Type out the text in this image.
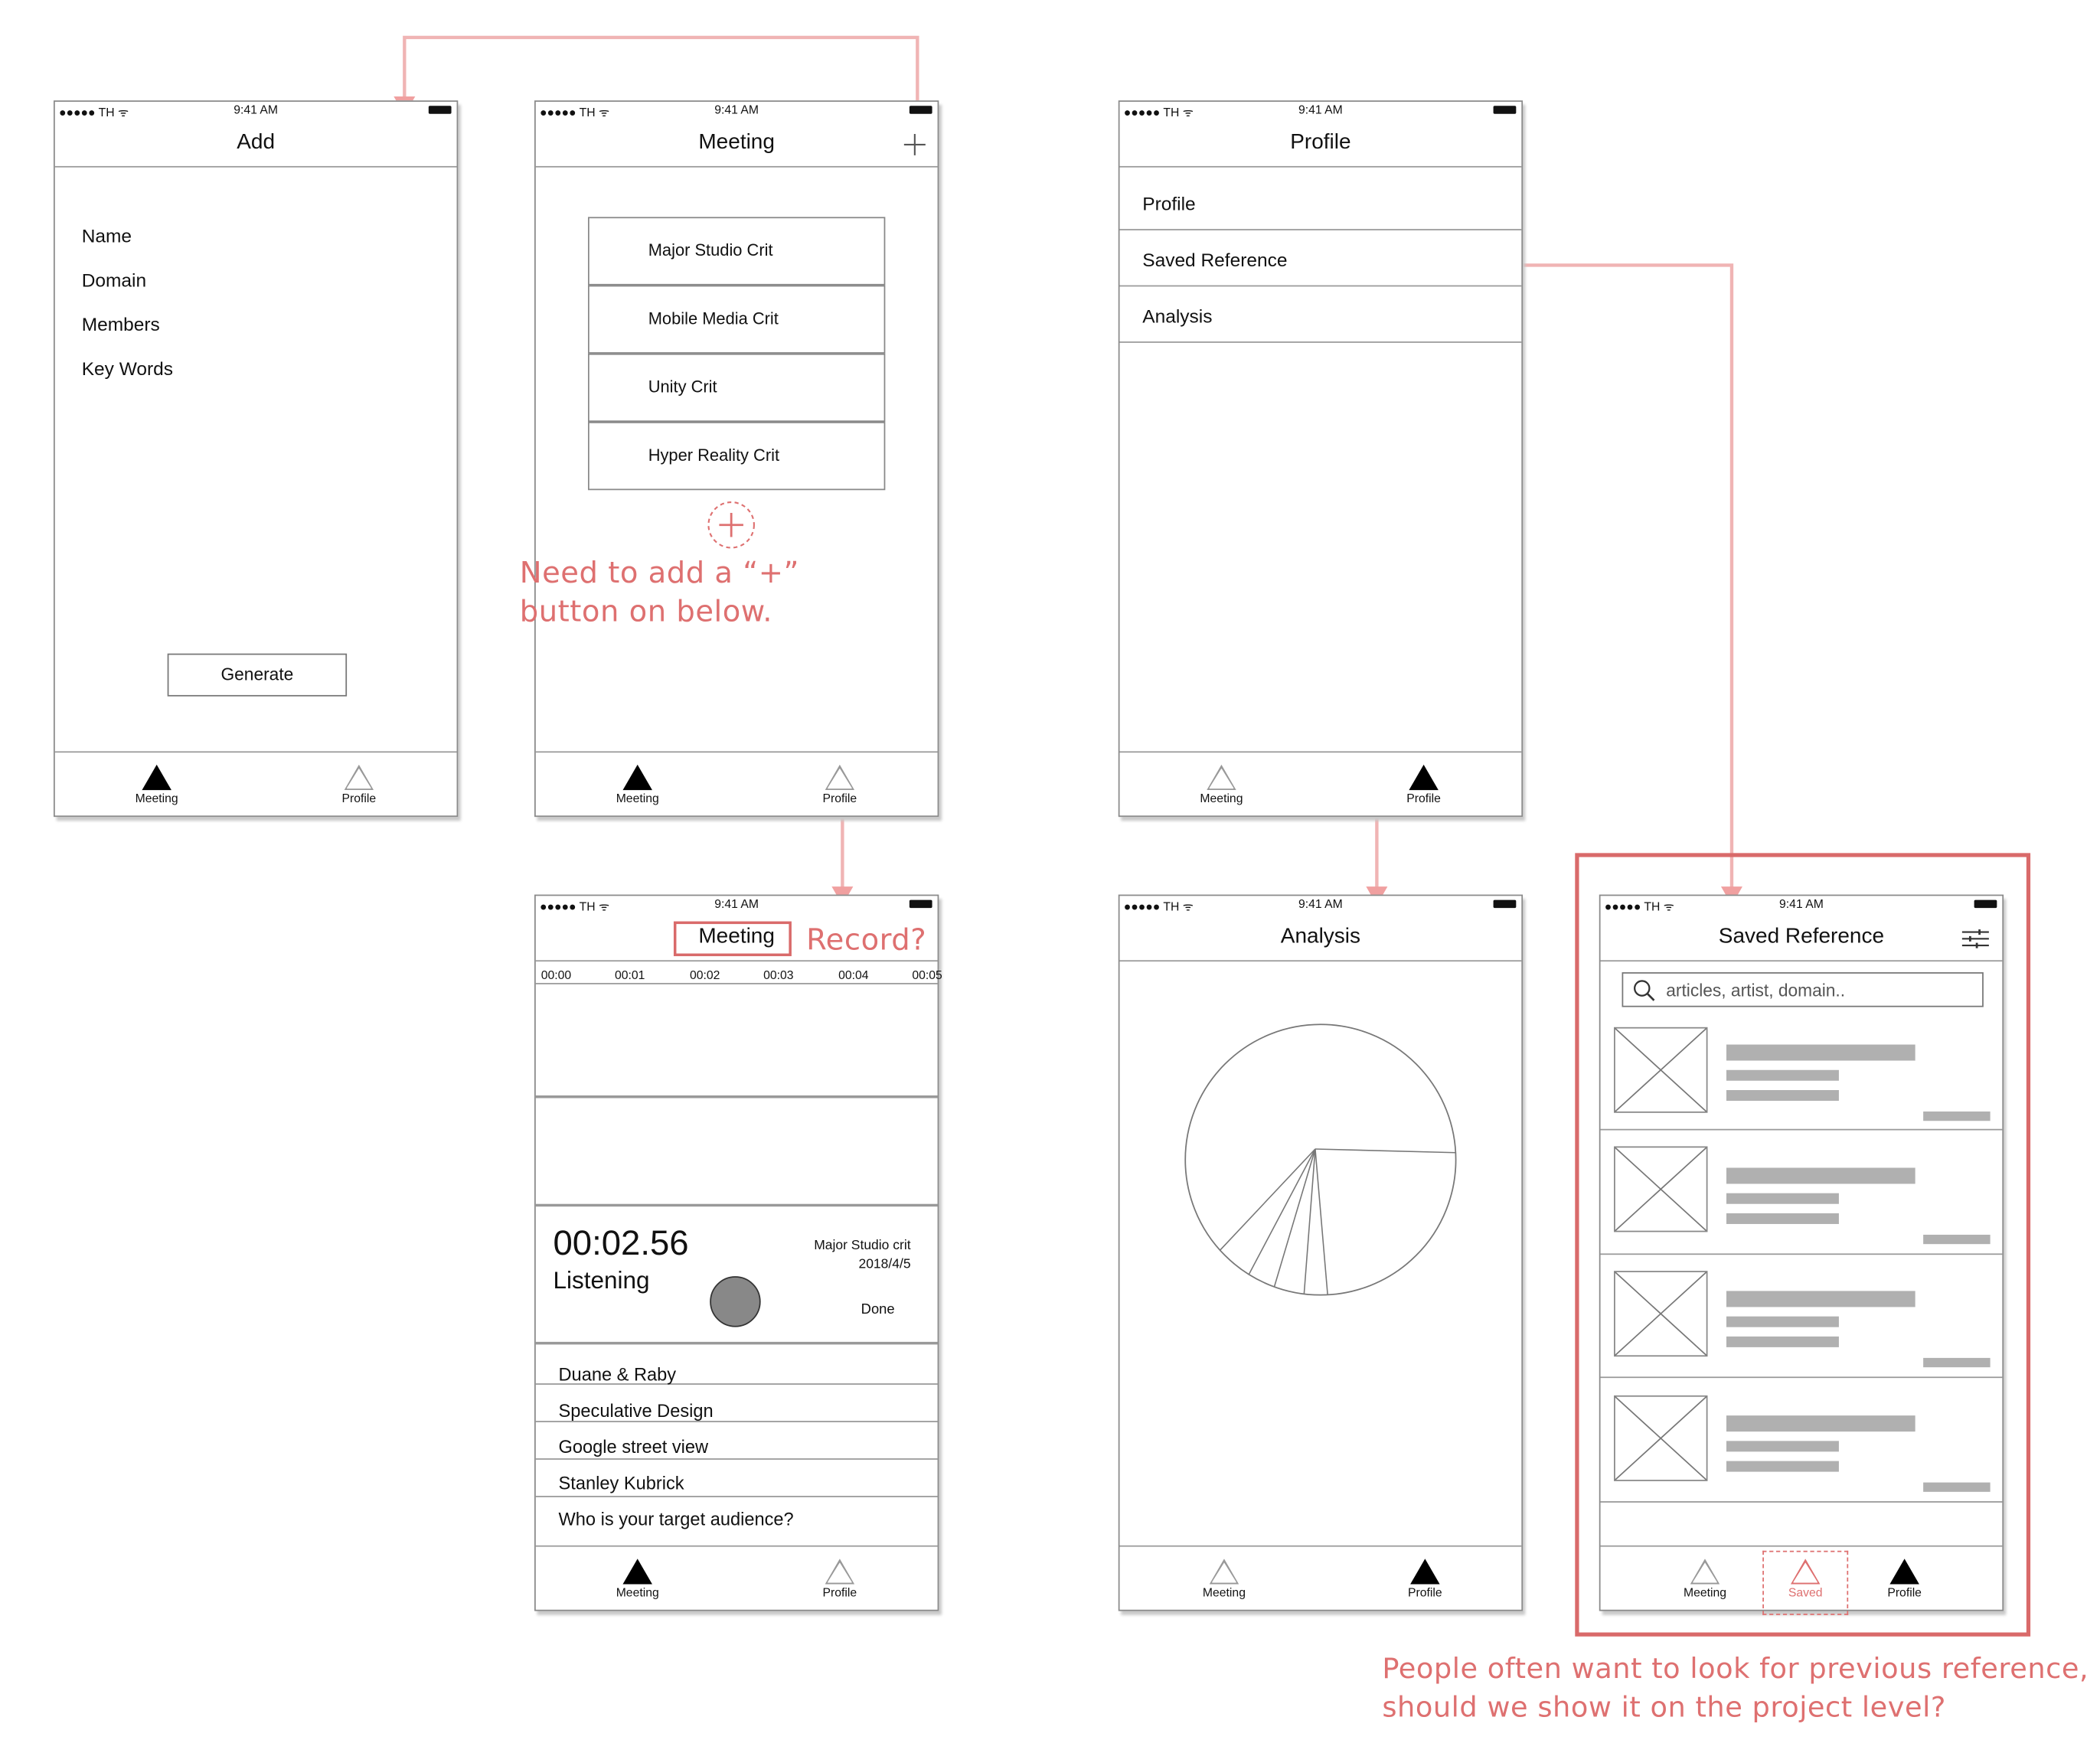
●●●●● TH ᯤ	9:41 AM
Add
Name
Domain
Members
Key Words
Generate
Meeting	Profile
●●●●● TH ᯤ	9:41 AM
Meeting
Major Studio Crit
Mobile Media Crit
Unity Crit
Hyper Reality Crit
Meeting	Profile
●●●●● TH ᯤ	9:41 AM
Profile
Profile
Saved Reference
Analysis
Meeting	Profile
●●●●● TH ᯤ	9:41 AM
Meeting
00:00	00:01	00:02	00:03	00:04	00:05
00:02.56
Listening
Major Studio crit
2018/4/5
Done
Duane & Raby
Speculative Design
Google street view
Stanley Kubrick
Who is your target audience?
Meeting	Profile
●●●●● TH ᯤ	9:41 AM
Analysis
Meeting	Profile
●●●●● TH ᯤ	9:41 AM
Saved Reference
articles, artist, domain..
Meeting	Saved	Profile
Need to add a “+” button on below.
Record?
People often want to look for previous reference,
should we show it on the project level?
